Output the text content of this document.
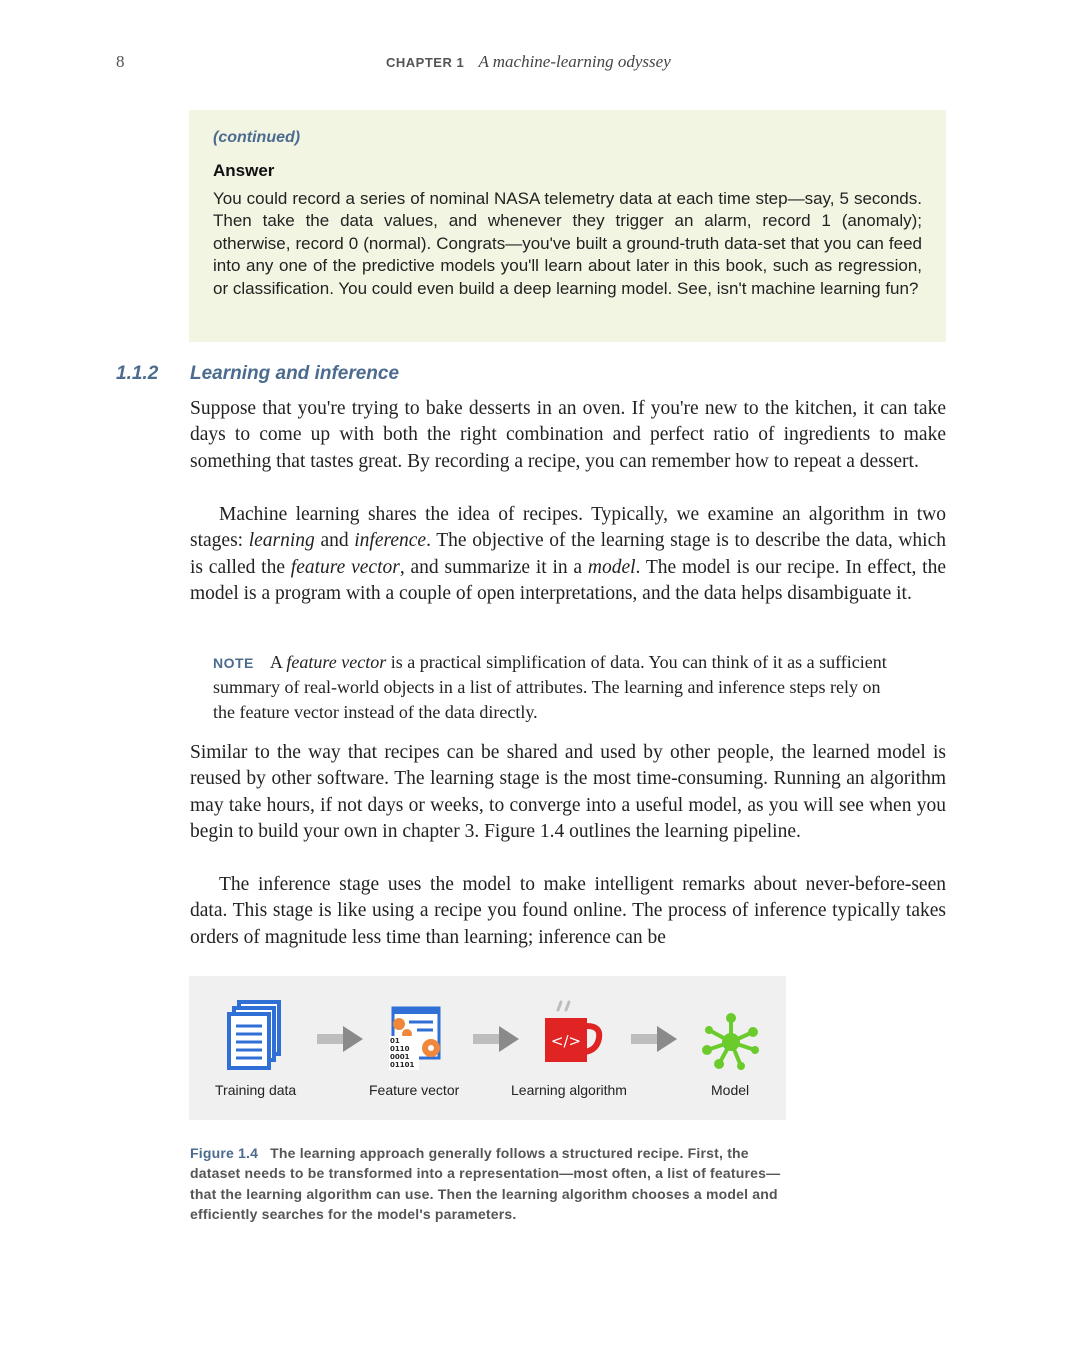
8	CHAPTER 1 A machine-learning odyssey
(continued)
Answer
You could record a series of nominal NASA telemetry data at each time step—say, 5 seconds. Then take the data values, and whenever they trigger an alarm, record 1 (anomaly); otherwise, record 0 (normal). Congrats—you've built a ground-truth data-set that you can feed into any one of the predictive models you'll learn about later in this book, such as regression, or classification. You could even build a deep learning model. See, isn't machine learning fun?
1.1.2 Learning and inference

Suppose that you're trying to bake desserts in an oven. If you're new to the kitchen, it can take days to come up with both the right combination and perfect ratio of ingredients to make something that tastes great. By recording a recipe, you can remember how to repeat a dessert.

Machine learning shares the idea of recipes. Typically, we examine an algorithm in two stages: learning and inference. The objective of the learning stage is to describe the data, which is called the feature vector, and summarize it in a model. The model is our recipe. In effect, the model is a program with a couple of open interpretations, and the data helps disambiguate it.

NOTE A feature vector is a practical simplification of data. You can think of it as a sufficient summary of real-world objects in a list of attributes. The learning and inference steps rely on the feature vector instead of the data directly.

Similar to the way that recipes can be shared and used by other people, the learned model is reused by other software. The learning stage is the most time-consuming. Running an algorithm may take hours, if not days or weeks, to converge into a useful model, as you will see when you begin to build your own in chapter 3. Figure 1.4 outlines the learning pipeline.

The inference stage uses the model to make intelligent remarks about never-before-seen data. This stage is like using a recipe you found online. The process of inference typically takes orders of magnitude less time than learning; inference can be

01
0110
0001
01101
</>
Training data	Feature vector	Learning algorithm	Model

Figure 1.4 The learning approach generally follows a structured recipe. First, the dataset needs to be transformed into a representation—most often, a list of features—that the learning algorithm can use. Then the learning algorithm chooses a model and efficiently searches for the model's parameters.
